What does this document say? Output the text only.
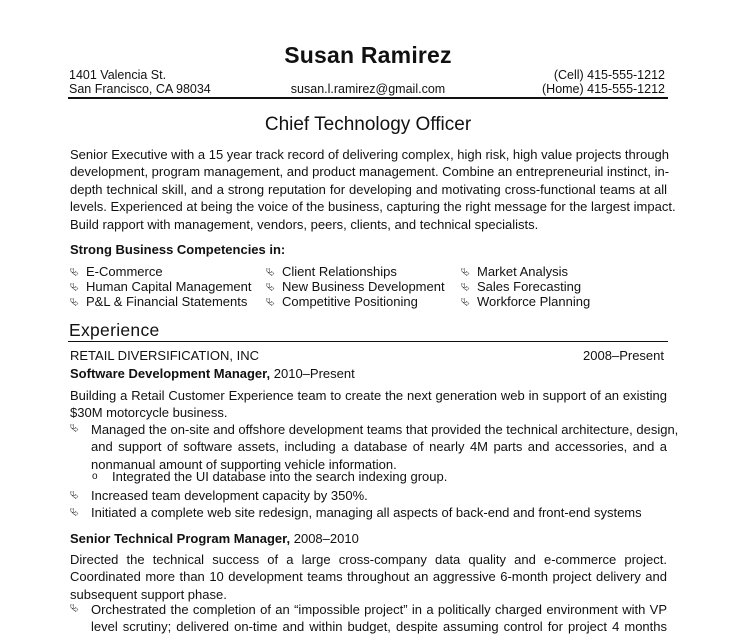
Susan Ramirez
1401 Valencia St.
San Francisco, CA 98034	susan.l.ramirez@gmail.com
(Cell) 415-555-1212
(Home) 415-555-1212
Chief Technology Officer
Senior Executive with a 15 year track record of delivering complex, high risk, high value projects through
development, program management, and product management. Combine an entrepreneurial instinct, in-
depth technical skill, and a strong reputation for developing and motivating cross-functional teams at all
levels. Experienced at being the voice of the business, capturing the right message for the largest impact.
Build rapport with management, vendors, peers, clients, and technical specialists.
Strong Business Competencies in:
⮱ E-Commerce
⮱ Human Capital Management
⮱ P&L & Financial Statements
⮱ Client Relationships
⮱ New Business Development
⮱ Competitive Positioning
⮱ Market Analysis
⮱ Sales Forecasting
⮱ Workforce Planning
Experience
RETAIL DIVERSIFICATION, INC	2008–Present
Software Development Manager, 2010–Present
Building a Retail Customer Experience team to create the next generation web in support of an existing
$30M motorcycle business.
⮱ Managed the on-site and offshore development teams that provided the technical architecture, design,
and support of software assets, including a database of nearly 4M parts and accessories, and a
nonmanual amount of supporting vehicle information.
o Integrated the UI database into the search indexing group.
⮱ Increased team development capacity by 350%.
⮱ Initiated a complete web site redesign, managing all aspects of back-end and front-end systems
Senior Technical Program Manager, 2008–2010
Directed the technical success of a large cross-company data quality and e-commerce project.
Coordinated more than 10 development teams throughout an aggressive 6-month project delivery and
subsequent support phase.
⮱ Orchestrated the completion of an “impossible project” in a politically charged environment with VP
level scrutiny; delivered on-time and within budget, despite assuming control for project 4 months
